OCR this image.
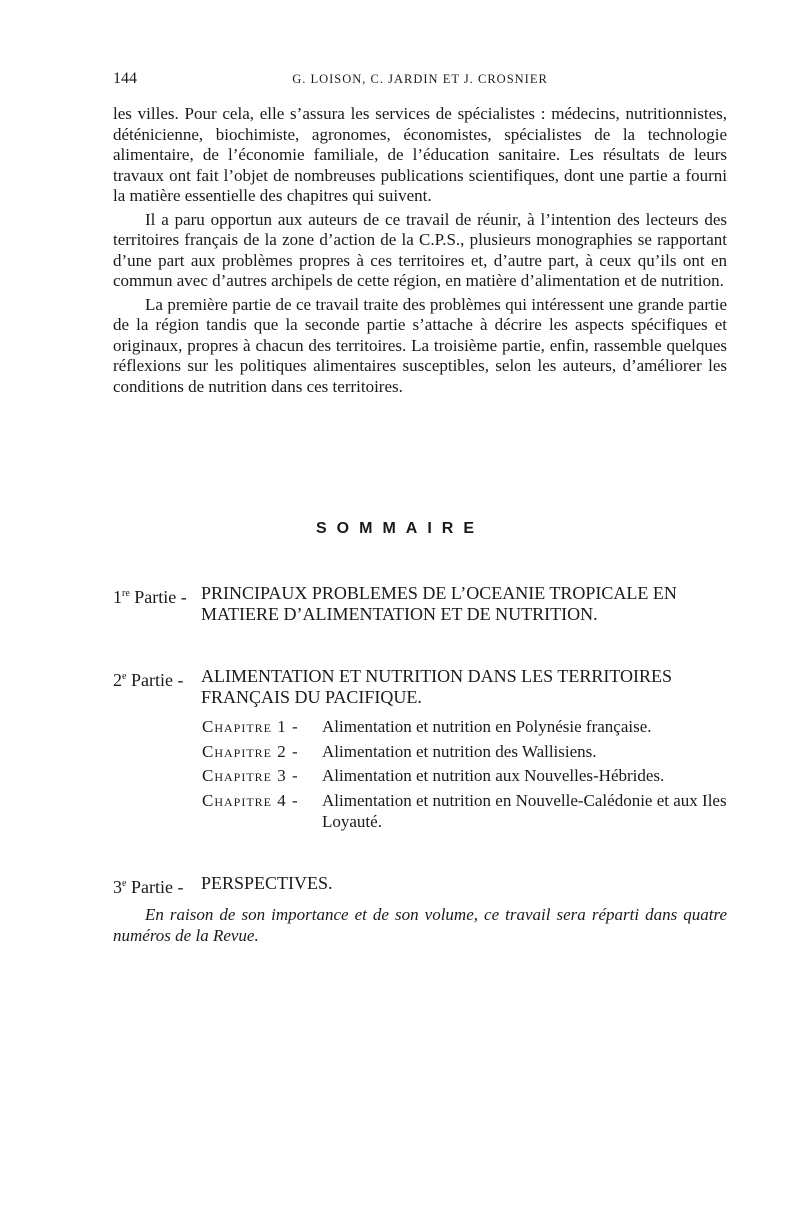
144	G. LOISON, C. JARDIN ET J. CROSNIER

les villes. Pour cela, elle s’assura les services de spécialistes : médecins, nutritionnistes, déténicienne, biochimiste, agronomes, économistes, spécialistes de la technologie alimentaire, de l’économie familiale, de l’éducation sanitaire. Les résultats de leurs travaux ont fait l’objet de nombreuses publications scientifiques, dont une partie a fourni la matière essentielle des chapitres qui suivent.

Il a paru opportun aux auteurs de ce travail de réunir, à l’intention des lecteurs des territoires français de la zone d’action de la C.P.S., plusieurs monographies se rapportant d’une part aux problèmes propres à ces territoires et, d’autre part, à ceux qu’ils ont en commun avec d’autres archipels de cette région, en matière d’alimentation et de nutrition.

La première partie de ce travail traite des problèmes qui intéressent une grande partie de la région tandis que la seconde partie s’attache à décrire les aspects spécifiques et originaux, propres à chacun des territoires. La troisième partie, enfin, rassemble quelques réflexions sur les politiques alimentaires susceptibles, selon les auteurs, d’améliorer les conditions de nutrition dans ces territoires.

SOMMAIRE
1re Partie - PRINCIPAUX PROBLEMES DE L’OCEANIE TROPICALE EN MATIERE D’ALIMENTATION ET DE NUTRITION.
2e Partie - ALIMENTATION ET NUTRITION DANS LES TERRITOIRES FRANÇAIS DU PACIFIQUE.
Chapitre 1 - Alimentation et nutrition en Polynésie française.
Chapitre 2 - Alimentation et nutrition des Wallisiens.
Chapitre 3 - Alimentation et nutrition aux Nouvelles-Hébrides.
Chapitre 4 - Alimentation et nutrition en Nouvelle-Calédonie et aux Iles Loyauté.
3e Partie - PERSPECTIVES.
En raison de son importance et de son volume, ce travail sera réparti dans quatre numéros de la Revue.
